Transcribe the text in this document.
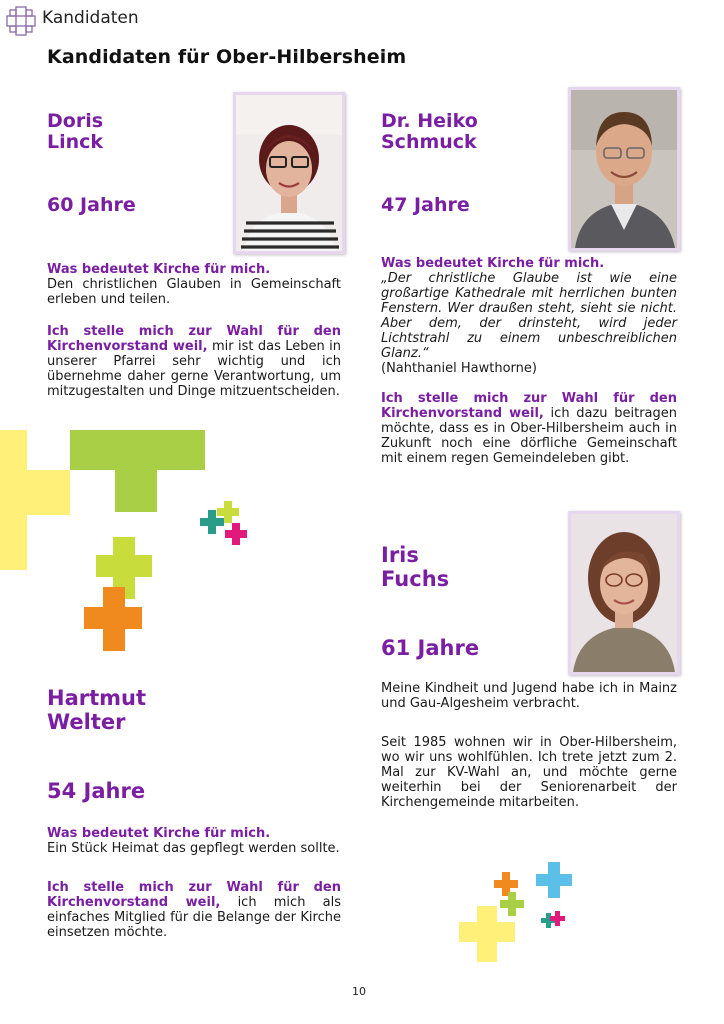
Kandidaten
Kandidaten für Ober-Hilbersheim
Doris
Linck
60 Jahre
Was bedeutet Kirche für mich.
Den christlichen Glauben in Gemeinschaft erleben und teilen.
Ich stelle mich zur Wahl für den Kirchenvorstand weil, mir ist das Leben in unserer Pfarrei sehr wichtig und ich übernehme daher gerne Verantwortung, um mitzugestalten und Dinge mitzuentscheiden.
Dr. Heiko
Schmuck
47 Jahre
Was bedeutet Kirche für mich.
„Der christliche Glaube ist wie eine großartige Kathedrale mit herrlichen bunten Fenstern. Wer draußen steht, sieht sie nicht. Aber dem, der drinsteht, wird jeder Lichtstrahl zu einem unbeschreiblichen Glanz.“
(Nahthaniel Hawthorne)
Ich stelle mich zur Wahl für den Kirchenvorstand weil, ich dazu beitragen möchte, dass es in Ober-Hilbersheim auch in Zukunft noch eine dörfliche Gemeinschaft mit einem regen Gemeindeleben gibt.
Iris
Fuchs
61 Jahre
Meine Kindheit und Jugend habe ich in Mainz und Gau-Algesheim verbracht.
Seit 1985 wohnen wir in Ober-Hilbersheim, wo wir uns wohlfühlen. Ich trete jetzt zum 2. Mal zur KV-Wahl an, und möchte gerne weiterhin bei der Seniorenarbeit der Kirchengemeinde mitarbeiten.
Hartmut
Welter
54 Jahre
Was bedeutet Kirche für mich.
Ein Stück Heimat das gepflegt werden sollte.
Ich stelle mich zur Wahl für den Kirchenvorstand weil, ich mich als einfaches Mitglied für die Belange der Kirche einsetzen möchte.
10
